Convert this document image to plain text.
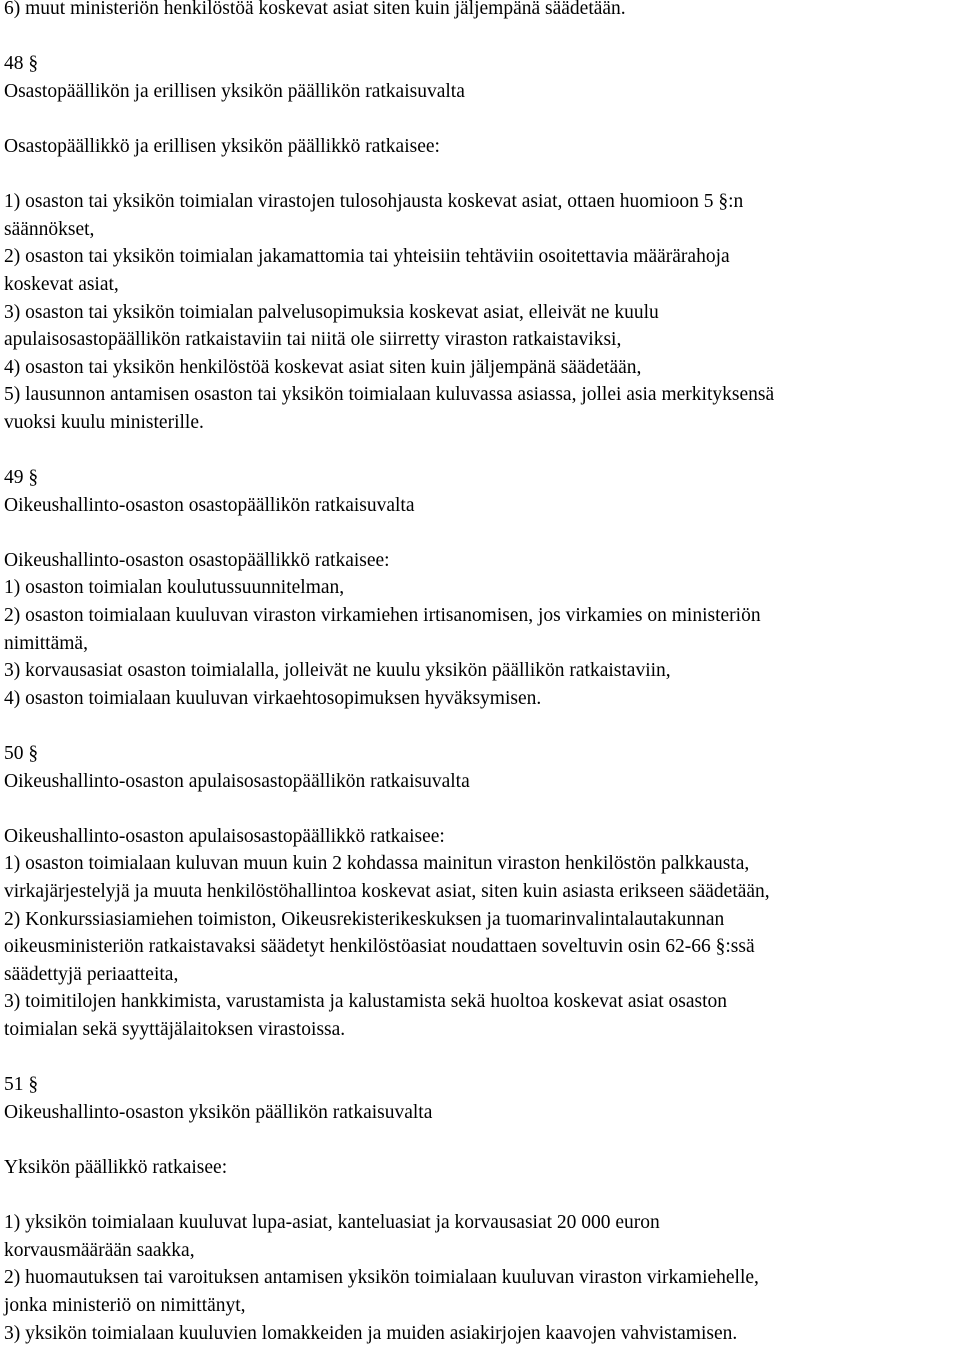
6) muut ministeriön henkilöstöä koskevat asiat siten kuin jäljempänä säädetään.
48 §
Osastopäällikön ja erillisen yksikön päällikön ratkaisuvalta
Osastopäällikkö ja erillisen yksikön päällikkö ratkaisee:
1) osaston tai yksikön toimialan virastojen tulosohjausta koskevat asiat, ottaen huomioon 5 §:n
säännökset,
2) osaston tai yksikön toimialan jakamattomia tai yhteisiin tehtäviin osoitettavia määrärahoja
koskevat asiat,
3) osaston tai yksikön toimialan palvelusopimuksia koskevat asiat, elleivät ne kuulu
apulaisosastopäällikön ratkaistaviin tai niitä ole siirretty viraston ratkaistaviksi,
4) osaston tai yksikön henkilöstöä koskevat asiat siten kuin jäljempänä säädetään,
5) lausunnon antamisen osaston tai yksikön toimialaan kuluvassa asiassa, jollei asia merkityksensä
vuoksi kuulu ministerille.
49 §
Oikeushallinto-osaston osastopäällikön ratkaisuvalta
Oikeushallinto-osaston osastopäällikkö ratkaisee:
1) osaston toimialan koulutussuunnitelman,
2) osaston toimialaan kuuluvan viraston virkamiehen irtisanomisen, jos virkamies on ministeriön
nimittämä,
3) korvausasiat osaston toimialalla, jolleivät ne kuulu yksikön päällikön ratkaistaviin,
4) osaston toimialaan kuuluvan virkaehtosopimuksen hyväksymisen.
50 §
Oikeushallinto-osaston apulaisosastopäällikön ratkaisuvalta
Oikeushallinto-osaston apulaisosastopäällikkö ratkaisee:
1) osaston toimialaan kuluvan muun kuin 2 kohdassa mainitun viraston henkilöstön palkkausta,
virkajärjestelyjä ja muuta henkilöstöhallintoa koskevat asiat, siten kuin asiasta erikseen säädetään,
2) Konkurssiasiamiehen toimiston, Oikeusrekisterikeskuksen ja tuomarinvalintalautakunnan
oikeusministeriön ratkaistavaksi säädetyt henkilöstöasiat noudattaen soveltuvin osin 62-66 §:ssä
säädettyjä periaatteita,
3) toimitilojen hankkimista, varustamista ja kalustamista sekä huoltoa koskevat asiat osaston
toimialan sekä syyttäjälaitoksen virastoissa.
51 §
Oikeushallinto-osaston yksikön päällikön ratkaisuvalta
Yksikön päällikkö ratkaisee:
1) yksikön toimialaan kuuluvat lupa-asiat, kanteluasiat ja korvausasiat 20 000 euron
korvausmäärään saakka,
2) huomautuksen tai varoituksen antamisen yksikön toimialaan kuuluvan viraston virkamiehelle,
jonka ministeriö on nimittänyt,
3) yksikön toimialaan kuuluvien lomakkeiden ja muiden asiakirjojen kaavojen vahvistamisen.
